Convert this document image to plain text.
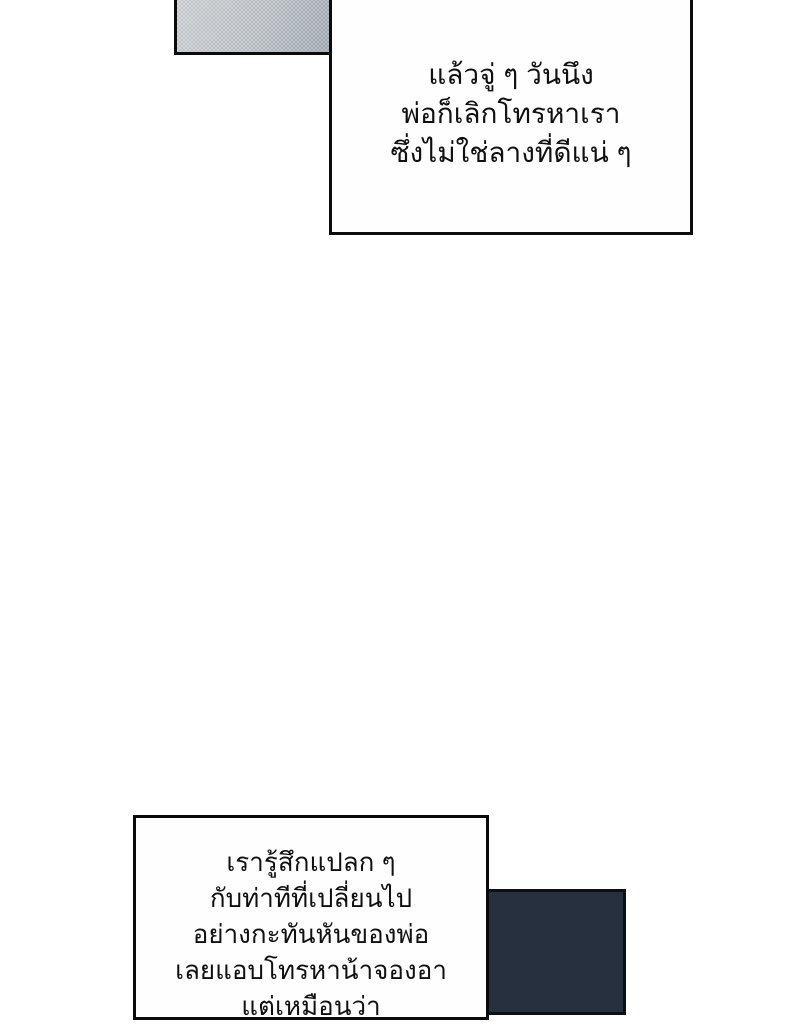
แล้วจู่ ๆ วันนึง
พ่อก็เลิกโทรหาเรา
ซึ่งไม่ใช่ลางที่ดีแน่ ๆ
เรารู้สึกแปลก ๆ
กับท่าทีที่เปลี่ยนไป
อย่างกะทันหันของพ่อ
เลยแอบโทรหาน้าจองอา
แต่เหมือนว่า
